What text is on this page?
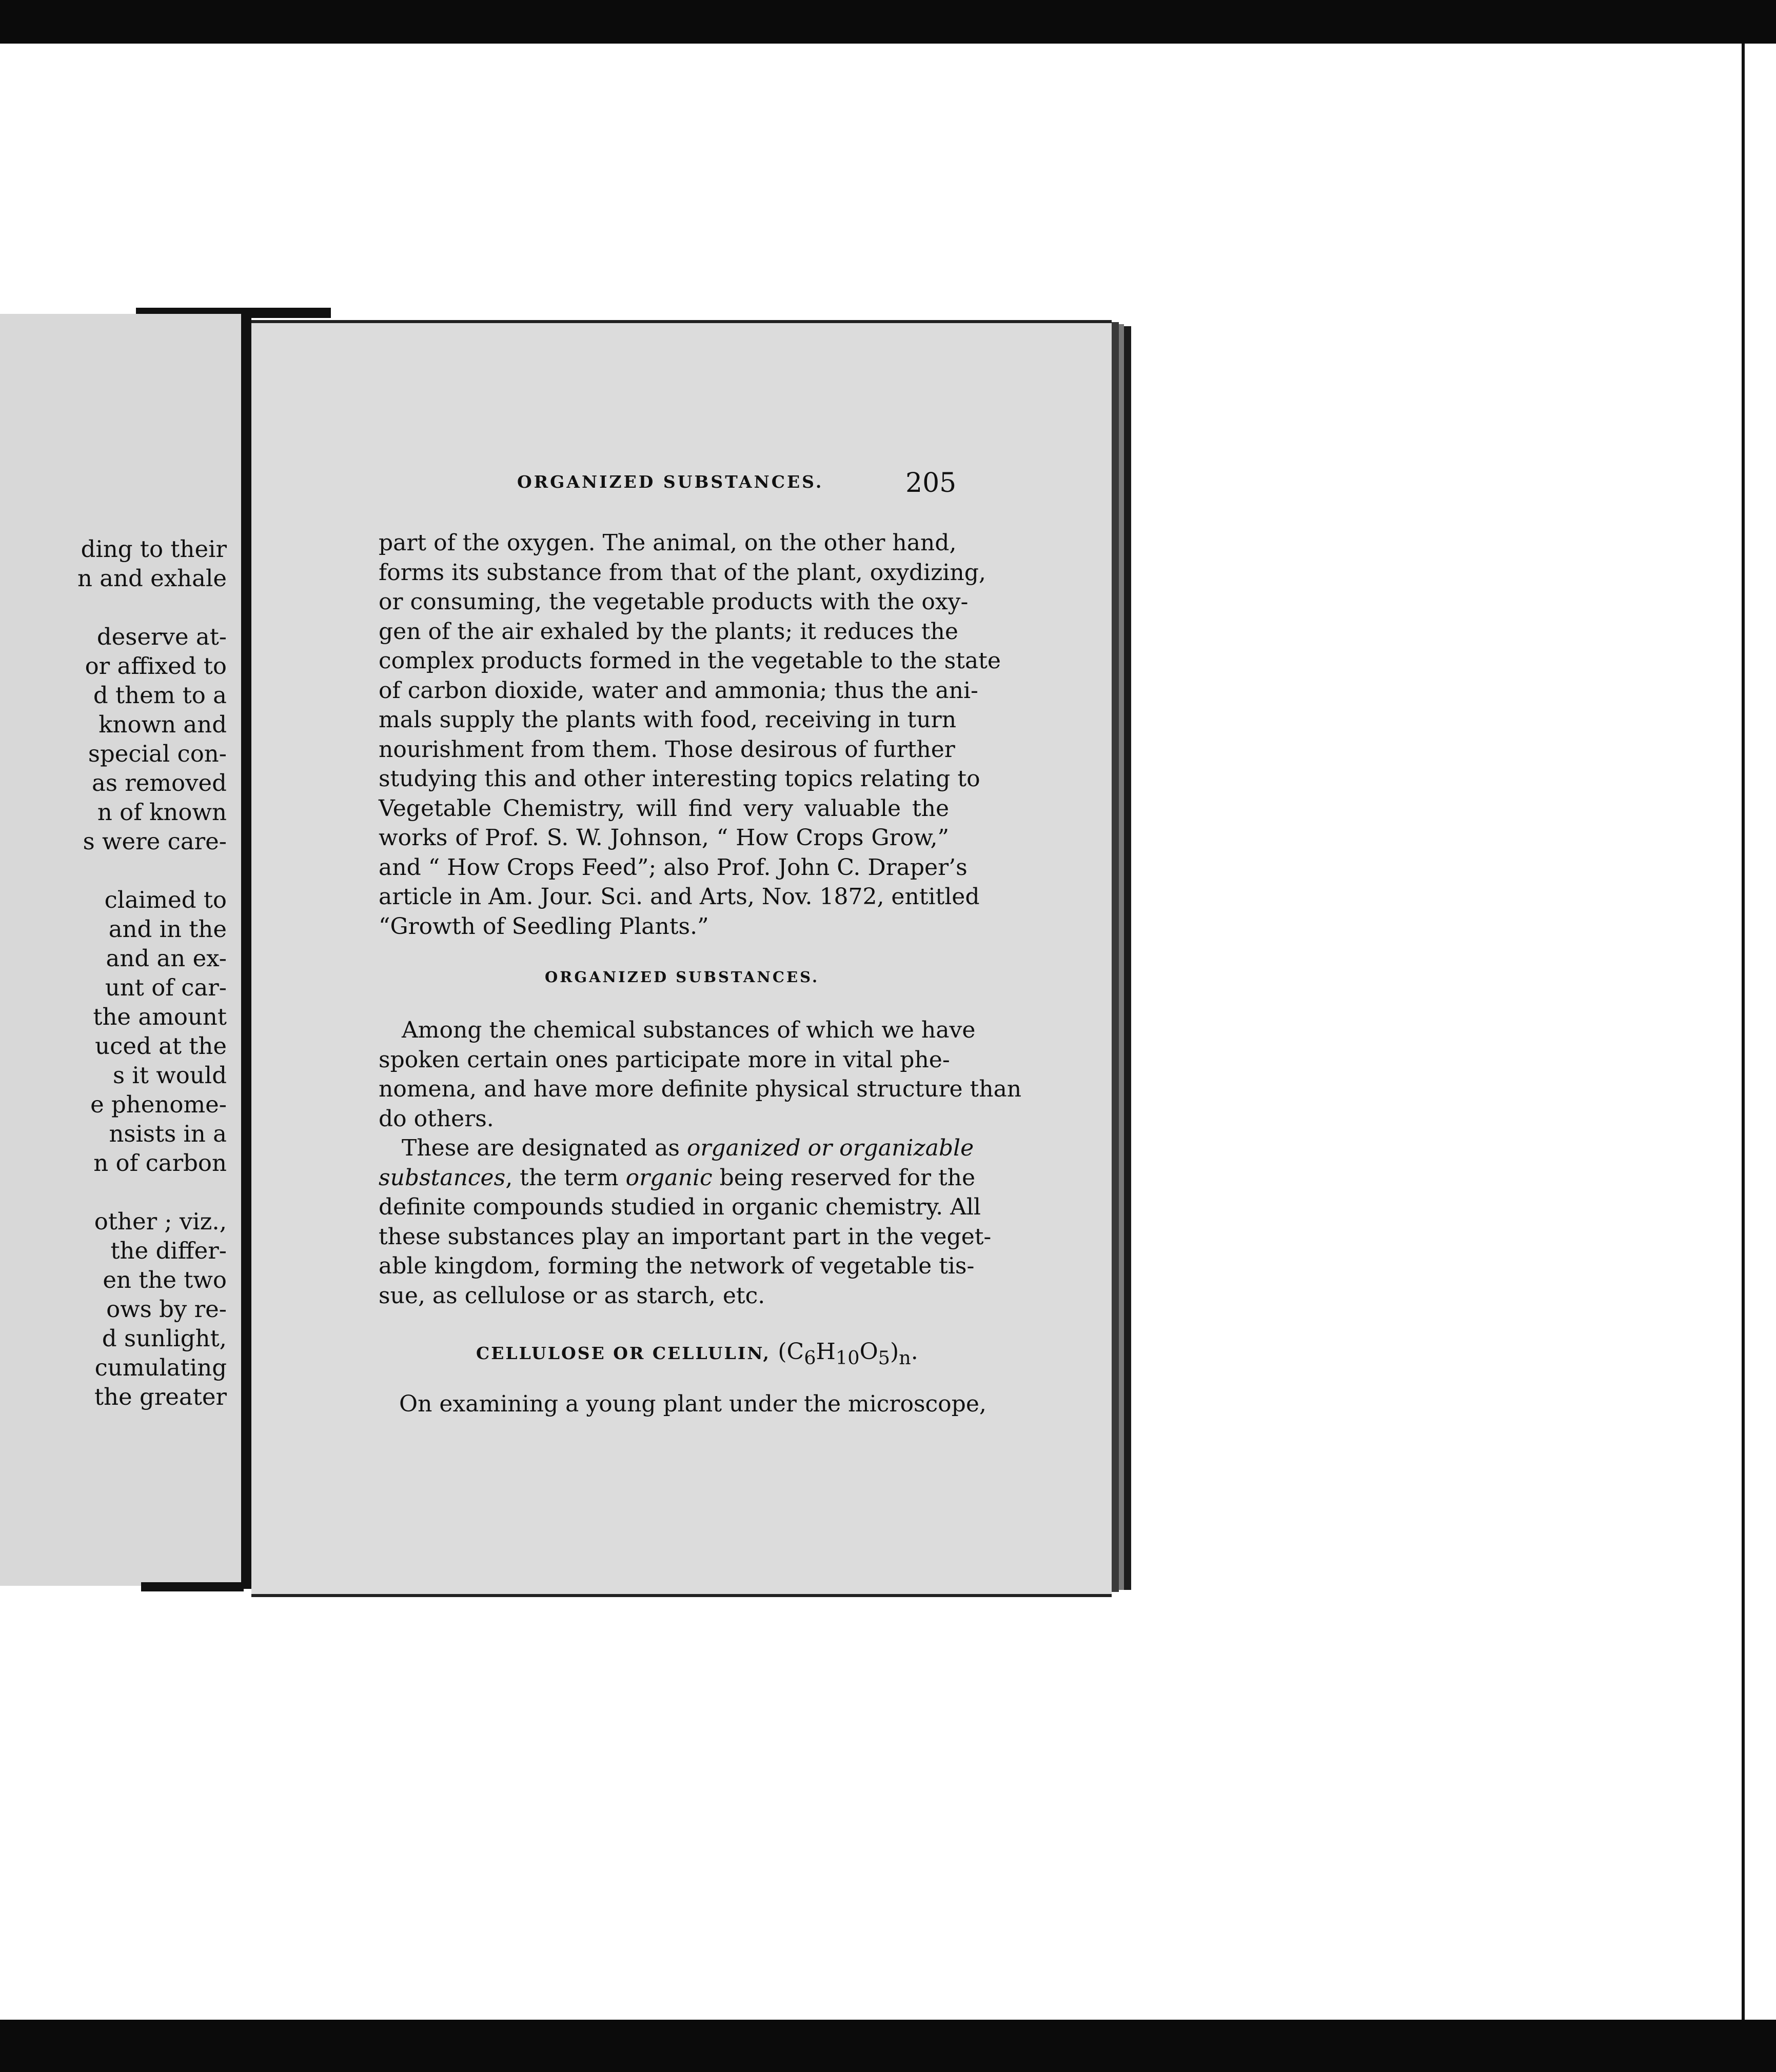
ding to their
n and exhale
deserve at-
or affixed to
d them to a
known and
special con-
as removed
n of known
s were care-
claimed to
and in the
and an ex-
unt of car-
the amount
uced at the
s it would
e phenome-
nsists in a
n of carbon
other ; viz.,
the differ-
en the two
ows by re-
d sunlight,
cumulating
the greater
ORGANIZED SUBSTANCES.	205
part of the oxygen. The animal, on the other hand,
forms its substance from that of the plant, oxydizing,
or consuming, the vegetable products with the oxy-
gen of the air exhaled by the plants; it reduces the
complex products formed in the vegetable to the state
of carbon dioxide, water and ammonia; thus the ani-
mals supply the plants with food, receiving in turn
nourishment from them. Those desirous of further
studying this and other interesting topics relating to
Vegetable Chemistry, will find very valuable the
works of Prof. S. W. Johnson, “ How Crops Grow,”
and “ How Crops Feed”; also Prof. John C. Draper’s
article in Am. Jour. Sci. and Arts, Nov. 1872, entitled
“Growth of Seedling Plants.”
ORGANIZED SUBSTANCES.
Among the chemical substances of which we have
spoken certain ones participate more in vital phe-
nomena, and have more definite physical structure than
do others.
These are designated as organized or organizable
substances, the term organic being reserved for the
definite compounds studied in organic chemistry. All
these substances play an important part in the veget-
able kingdom, forming the network of vegetable tis-
sue, as cellulose or as starch, etc.
CELLULOSE OR CELLULIN, $(C_6H_{10}O_5)_n$.
On examining a young plant under the microscope,
